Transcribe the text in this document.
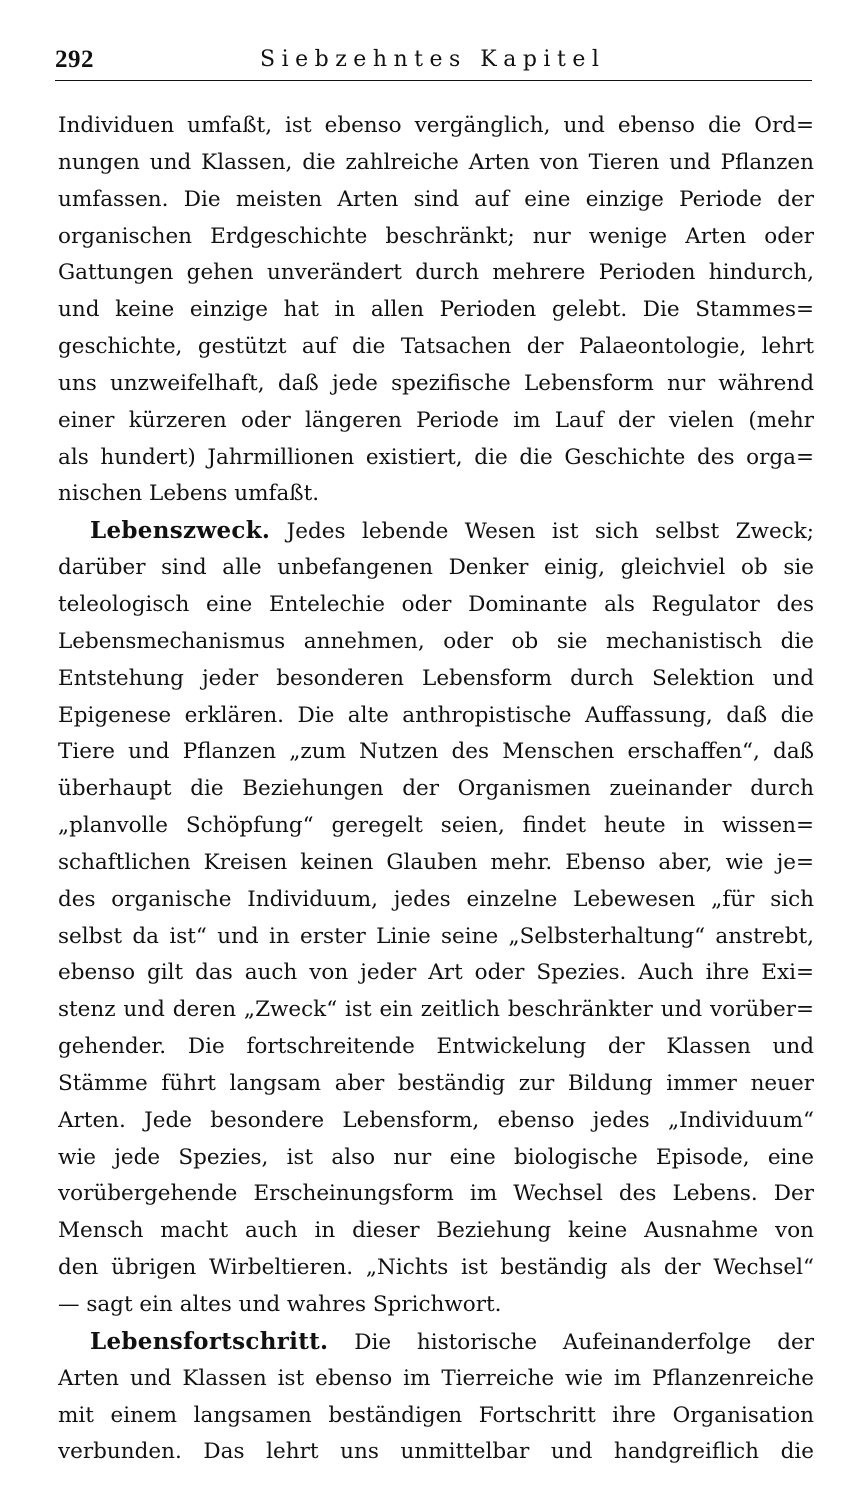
292	Siebzehntes Kapitel
Individuen umfaßt, ist ebenso vergänglich, und ebenso die Ord=
nungen und Klassen, die zahlreiche Arten von Tieren und Pflanzen
umfassen. Die meisten Arten sind auf eine einzige Periode der
organischen Erdgeschichte beschränkt; nur wenige Arten oder
Gattungen gehen unverändert durch mehrere Perioden hindurch,
und keine einzige hat in allen Perioden gelebt. Die Stammes=
geschichte, gestützt auf die Tatsachen der Palaeontologie, lehrt
uns unzweifelhaft, daß jede spezifische Lebensform nur während
einer kürzeren oder längeren Periode im Lauf der vielen (mehr
als hundert) Jahrmillionen existiert, die die Geschichte des orga=
nischen Lebens umfaßt.
Lebenszweck. Jedes lebende Wesen ist sich selbst Zweck;
darüber sind alle unbefangenen Denker einig, gleichviel ob sie
teleologisch eine Entelechie oder Dominante als Regulator des
Lebensmechanismus annehmen, oder ob sie mechanistisch die
Entstehung jeder besonderen Lebensform durch Selektion und
Epigenese erklären. Die alte anthropistische Auffassung, daß die
Tiere und Pflanzen „zum Nutzen des Menschen erschaffen“, daß
überhaupt die Beziehungen der Organismen zueinander durch
„planvolle Schöpfung“ geregelt seien, findet heute in wissen=
schaftlichen Kreisen keinen Glauben mehr. Ebenso aber, wie je=
des organische Individuum, jedes einzelne Lebewesen „für sich
selbst da ist“ und in erster Linie seine „Selbsterhaltung“ anstrebt,
ebenso gilt das auch von jeder Art oder Spezies. Auch ihre Exi=
stenz und deren „Zweck“ ist ein zeitlich beschränkter und vorüber=
gehender. Die fortschreitende Entwickelung der Klassen und
Stämme führt langsam aber beständig zur Bildung immer neuer
Arten. Jede besondere Lebensform, ebenso jedes „Individuum“
wie jede Spezies, ist also nur eine biologische Episode, eine
vorübergehende Erscheinungsform im Wechsel des Lebens. Der
Mensch macht auch in dieser Beziehung keine Ausnahme von
den übrigen Wirbeltieren. „Nichts ist beständig als der Wechsel“
— sagt ein altes und wahres Sprichwort.
Lebensfortschritt. Die historische Aufeinanderfolge der
Arten und Klassen ist ebenso im Tierreiche wie im Pflanzenreiche
mit einem langsamen beständigen Fortschritt ihre Organisation
verbunden. Das lehrt uns unmittelbar und handgreiflich die
